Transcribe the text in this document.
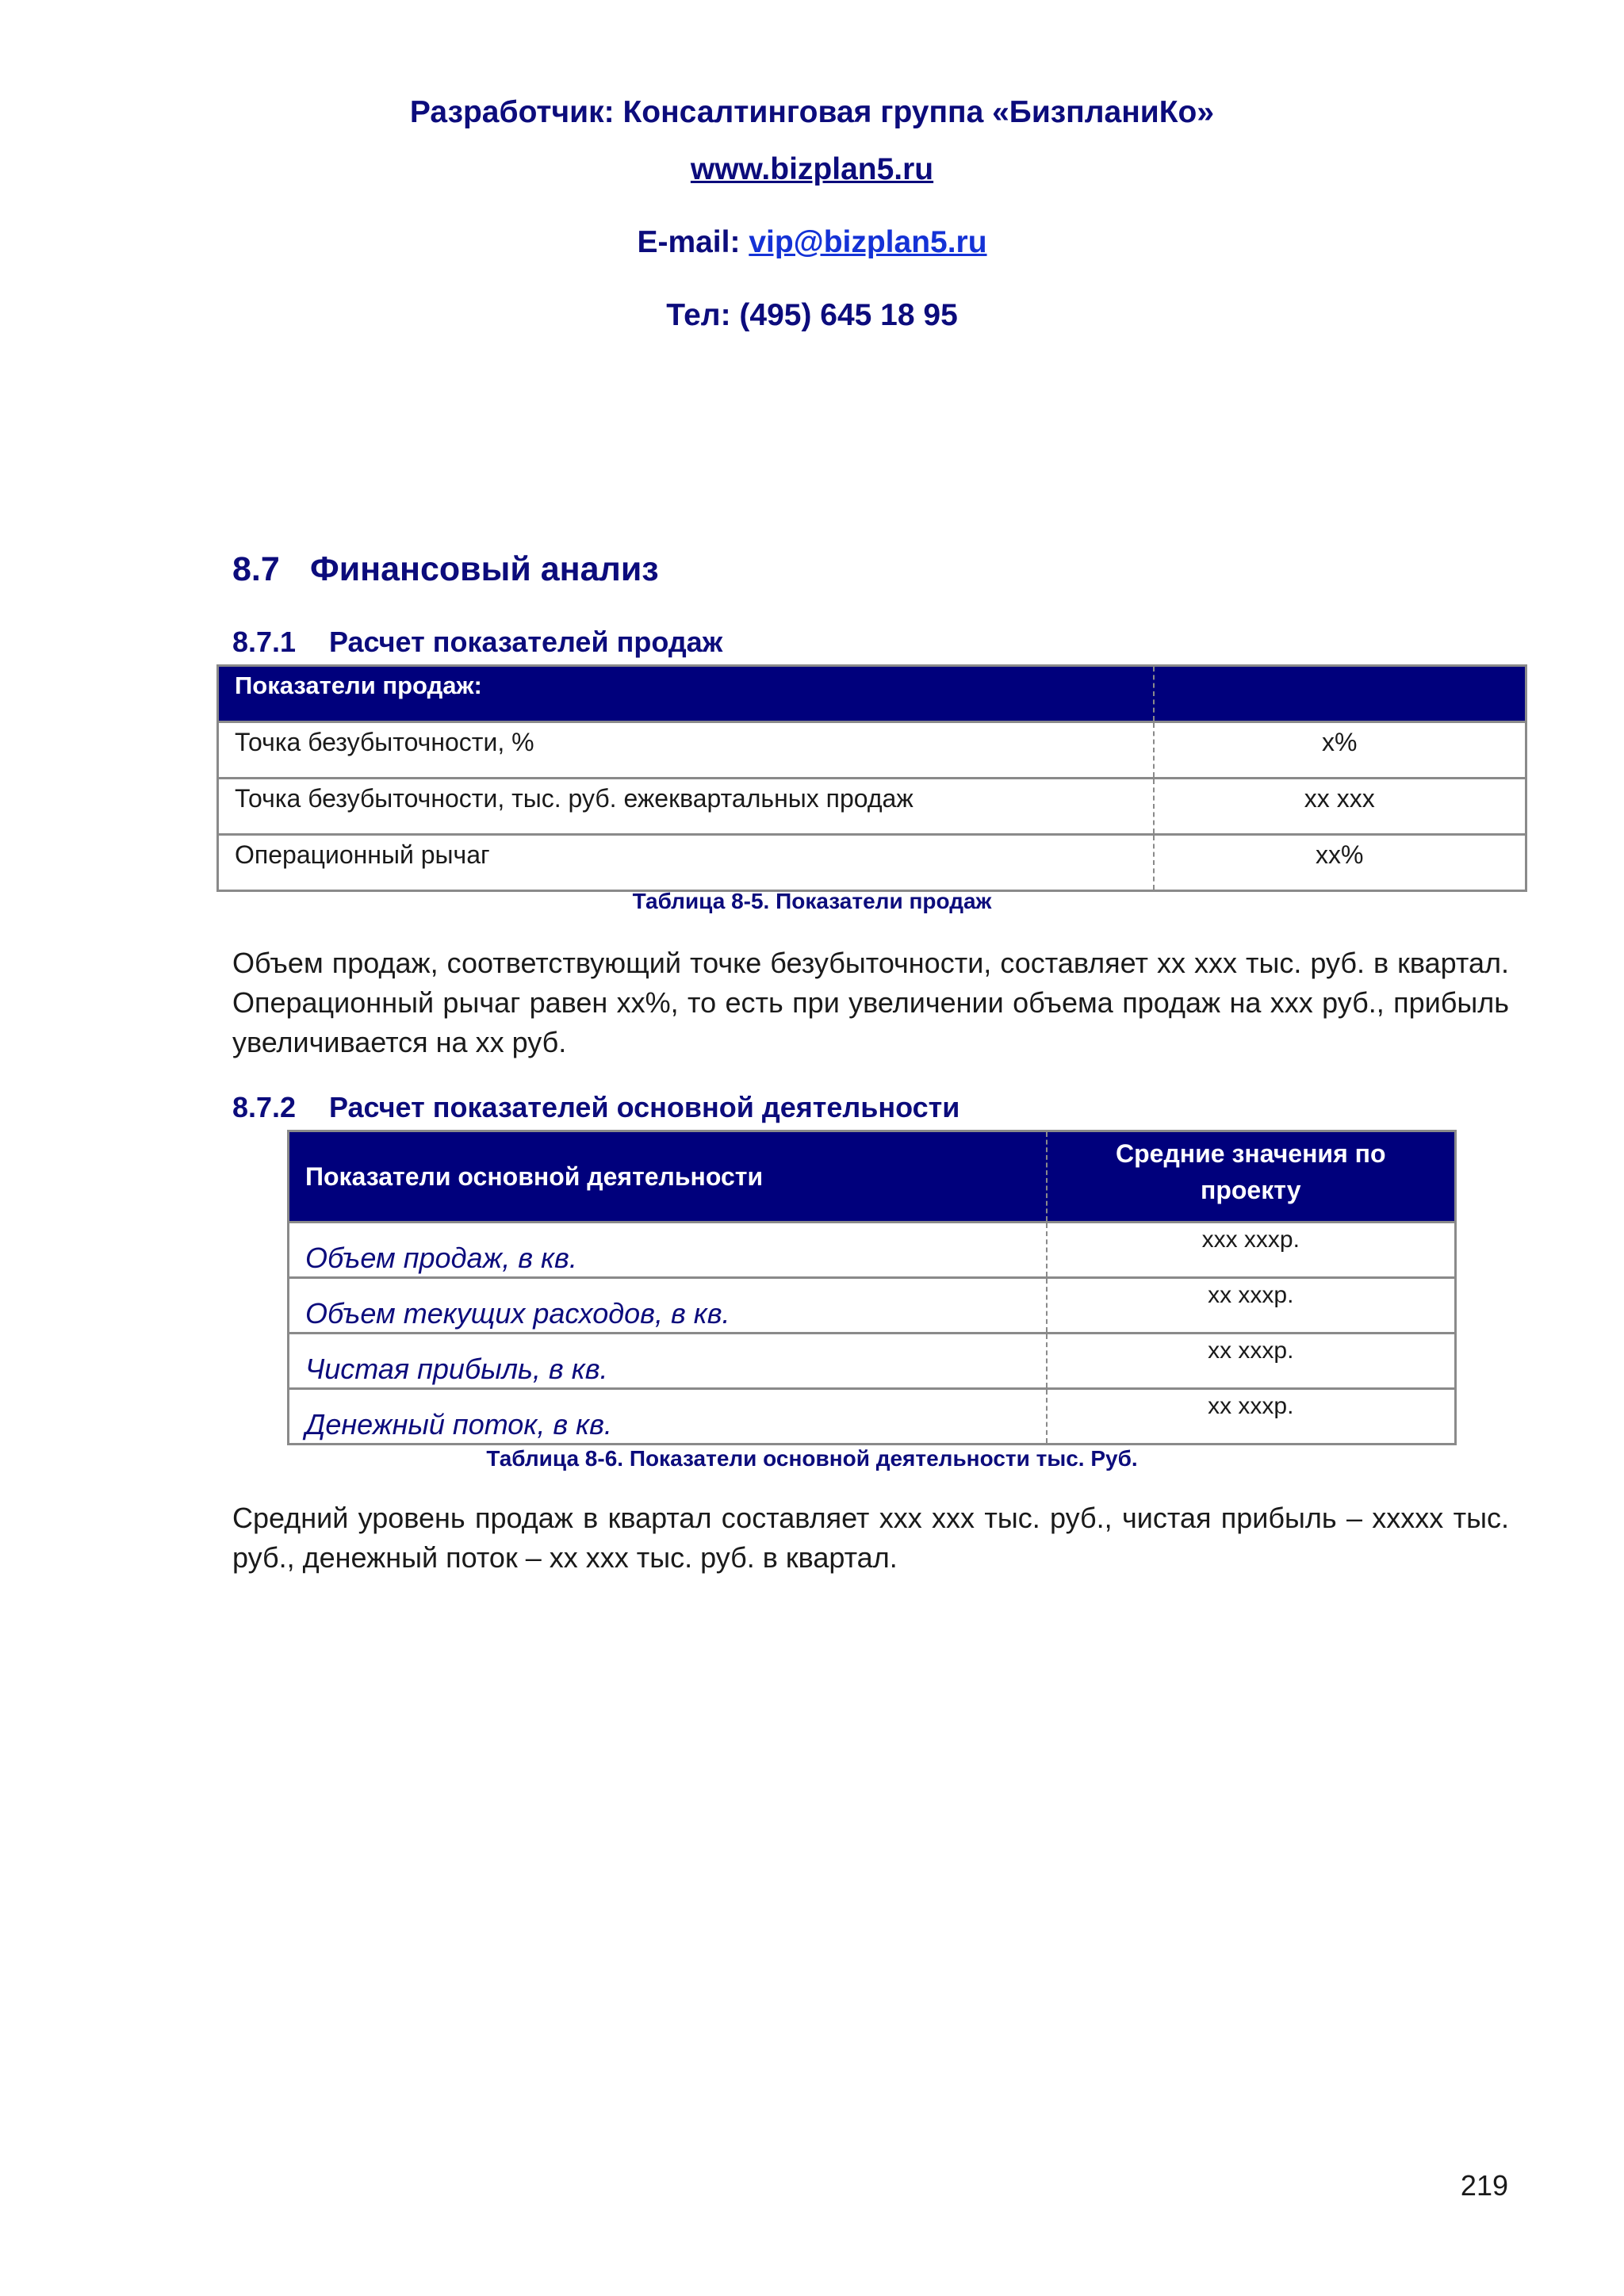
Разработчик: Консалтинговая группа «БизпланиКо»
www.bizplan5.ru
E-mail: vip@bizplan5.ru
Тел: (495) 645 18 95
8.7 Финансовый анализ
8.7.1 Расчет показателей продаж
Показатели продаж:	
Точка безубыточности, %	x%
Точка безубыточности, тыс. руб. ежеквартальных продаж	xx xxx
Операционный рычаг	xx%
Таблица 8-5. Показатели продаж
Объем продаж, соответствующий точке безубыточности, составляет xx xxx тыс. руб. в квартал. Операционный рычаг равен xx%, то есть при увеличении объема продаж на xxx руб., прибыль увеличивается на xx руб.
8.7.2 Расчет показателей основной деятельности
Показатели основной деятельности	Средние значения по проекту
Объем продаж, в кв.	xxx xxxр.
Объем текущих расходов, в кв.	xx xxxр.
Чистая прибыль, в кв.	xx xxxр.
Денежный поток, в кв.	xx xxxр.
Таблица 8-6. Показатели основной деятельности тыс. Руб.
Средний уровень продаж в квартал составляет xxx xxx тыс. руб., чистая прибыль – xxxxx тыс. руб., денежный поток – xx xxx тыс. руб. в квартал.
219
